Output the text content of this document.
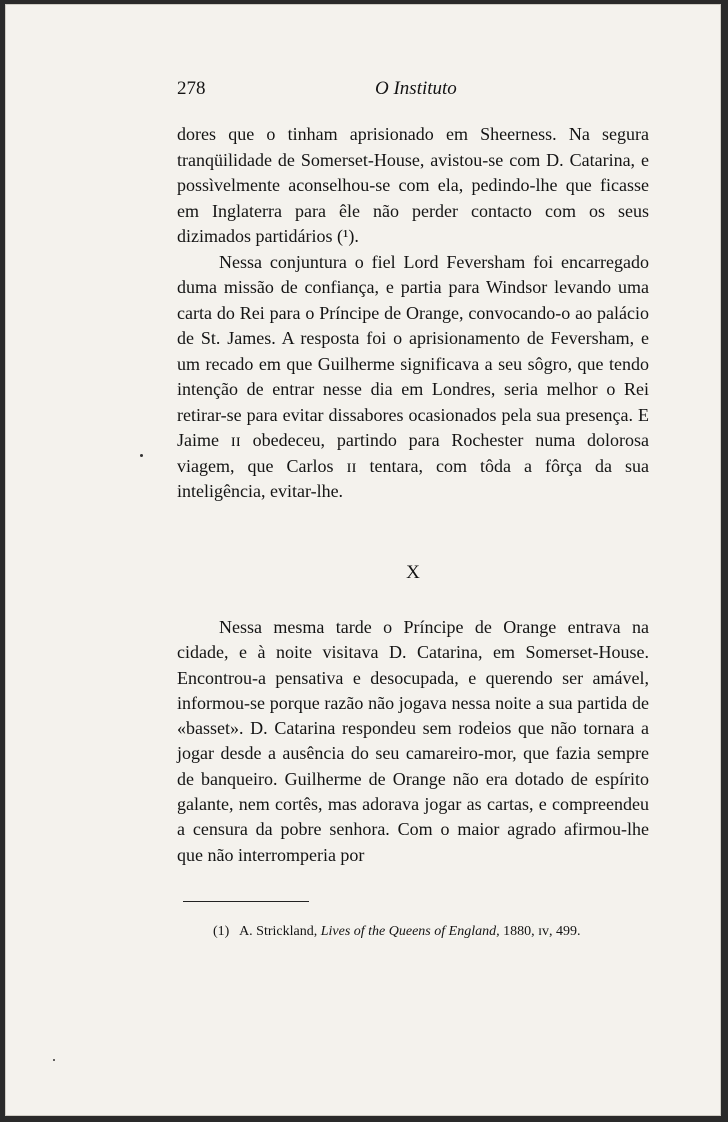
278	O Instituto

dores que o tinham aprisionado em Sheerness. Na segura tranqüilidade de Somerset-House, avistou-se com D. Catarina, e possìvelmente aconselhou-se com ela, pedindo-lhe que ficasse em Inglaterra para êle não perder contacto com os seus dizimados partidários (¹).

Nessa conjuntura o fiel Lord Feversham foi encarregado duma missão de confiança, e partia para Windsor levando uma carta do Rei para o Príncipe de Orange, convocando-o ao palácio de St. James. A resposta foi o aprisionamento de Feversham, e um recado em que Guilherme significava a seu sôgro, que tendo intenção de entrar nesse dia em Londres, seria melhor o Rei retirar-se para evitar dissabores ocasionados pela sua presença. E Jaime ɪɪ obedeceu, partindo para Rochester numa dolorosa viagem, que Carlos ɪɪ tentara, com tôda a fôrça da sua inteligência, evitar-lhe.

X

Nessa mesma tarde o Príncipe de Orange entrava na cidade, e à noite visitava D. Catarina, em Somerset-House. Encontrou-a pensativa e desocupada, e querendo ser amável, informou-se porque razão não jogava nessa noite a sua partida de «basset». D. Catarina respondeu sem rodeios que não tornara a jogar desde a ausência do seu camareiro-mor, que fazia sempre de banqueiro. Guilherme de Orange não era dotado de espírito galante, nem cortês, mas adorava jogar as cartas, e compreendeu a censura da pobre senhora. Com o maior agrado afirmou-lhe que não interromperia por

(1) A. Strickland, Lives of the Queens of England, 1880, ɪᴠ, 499.
